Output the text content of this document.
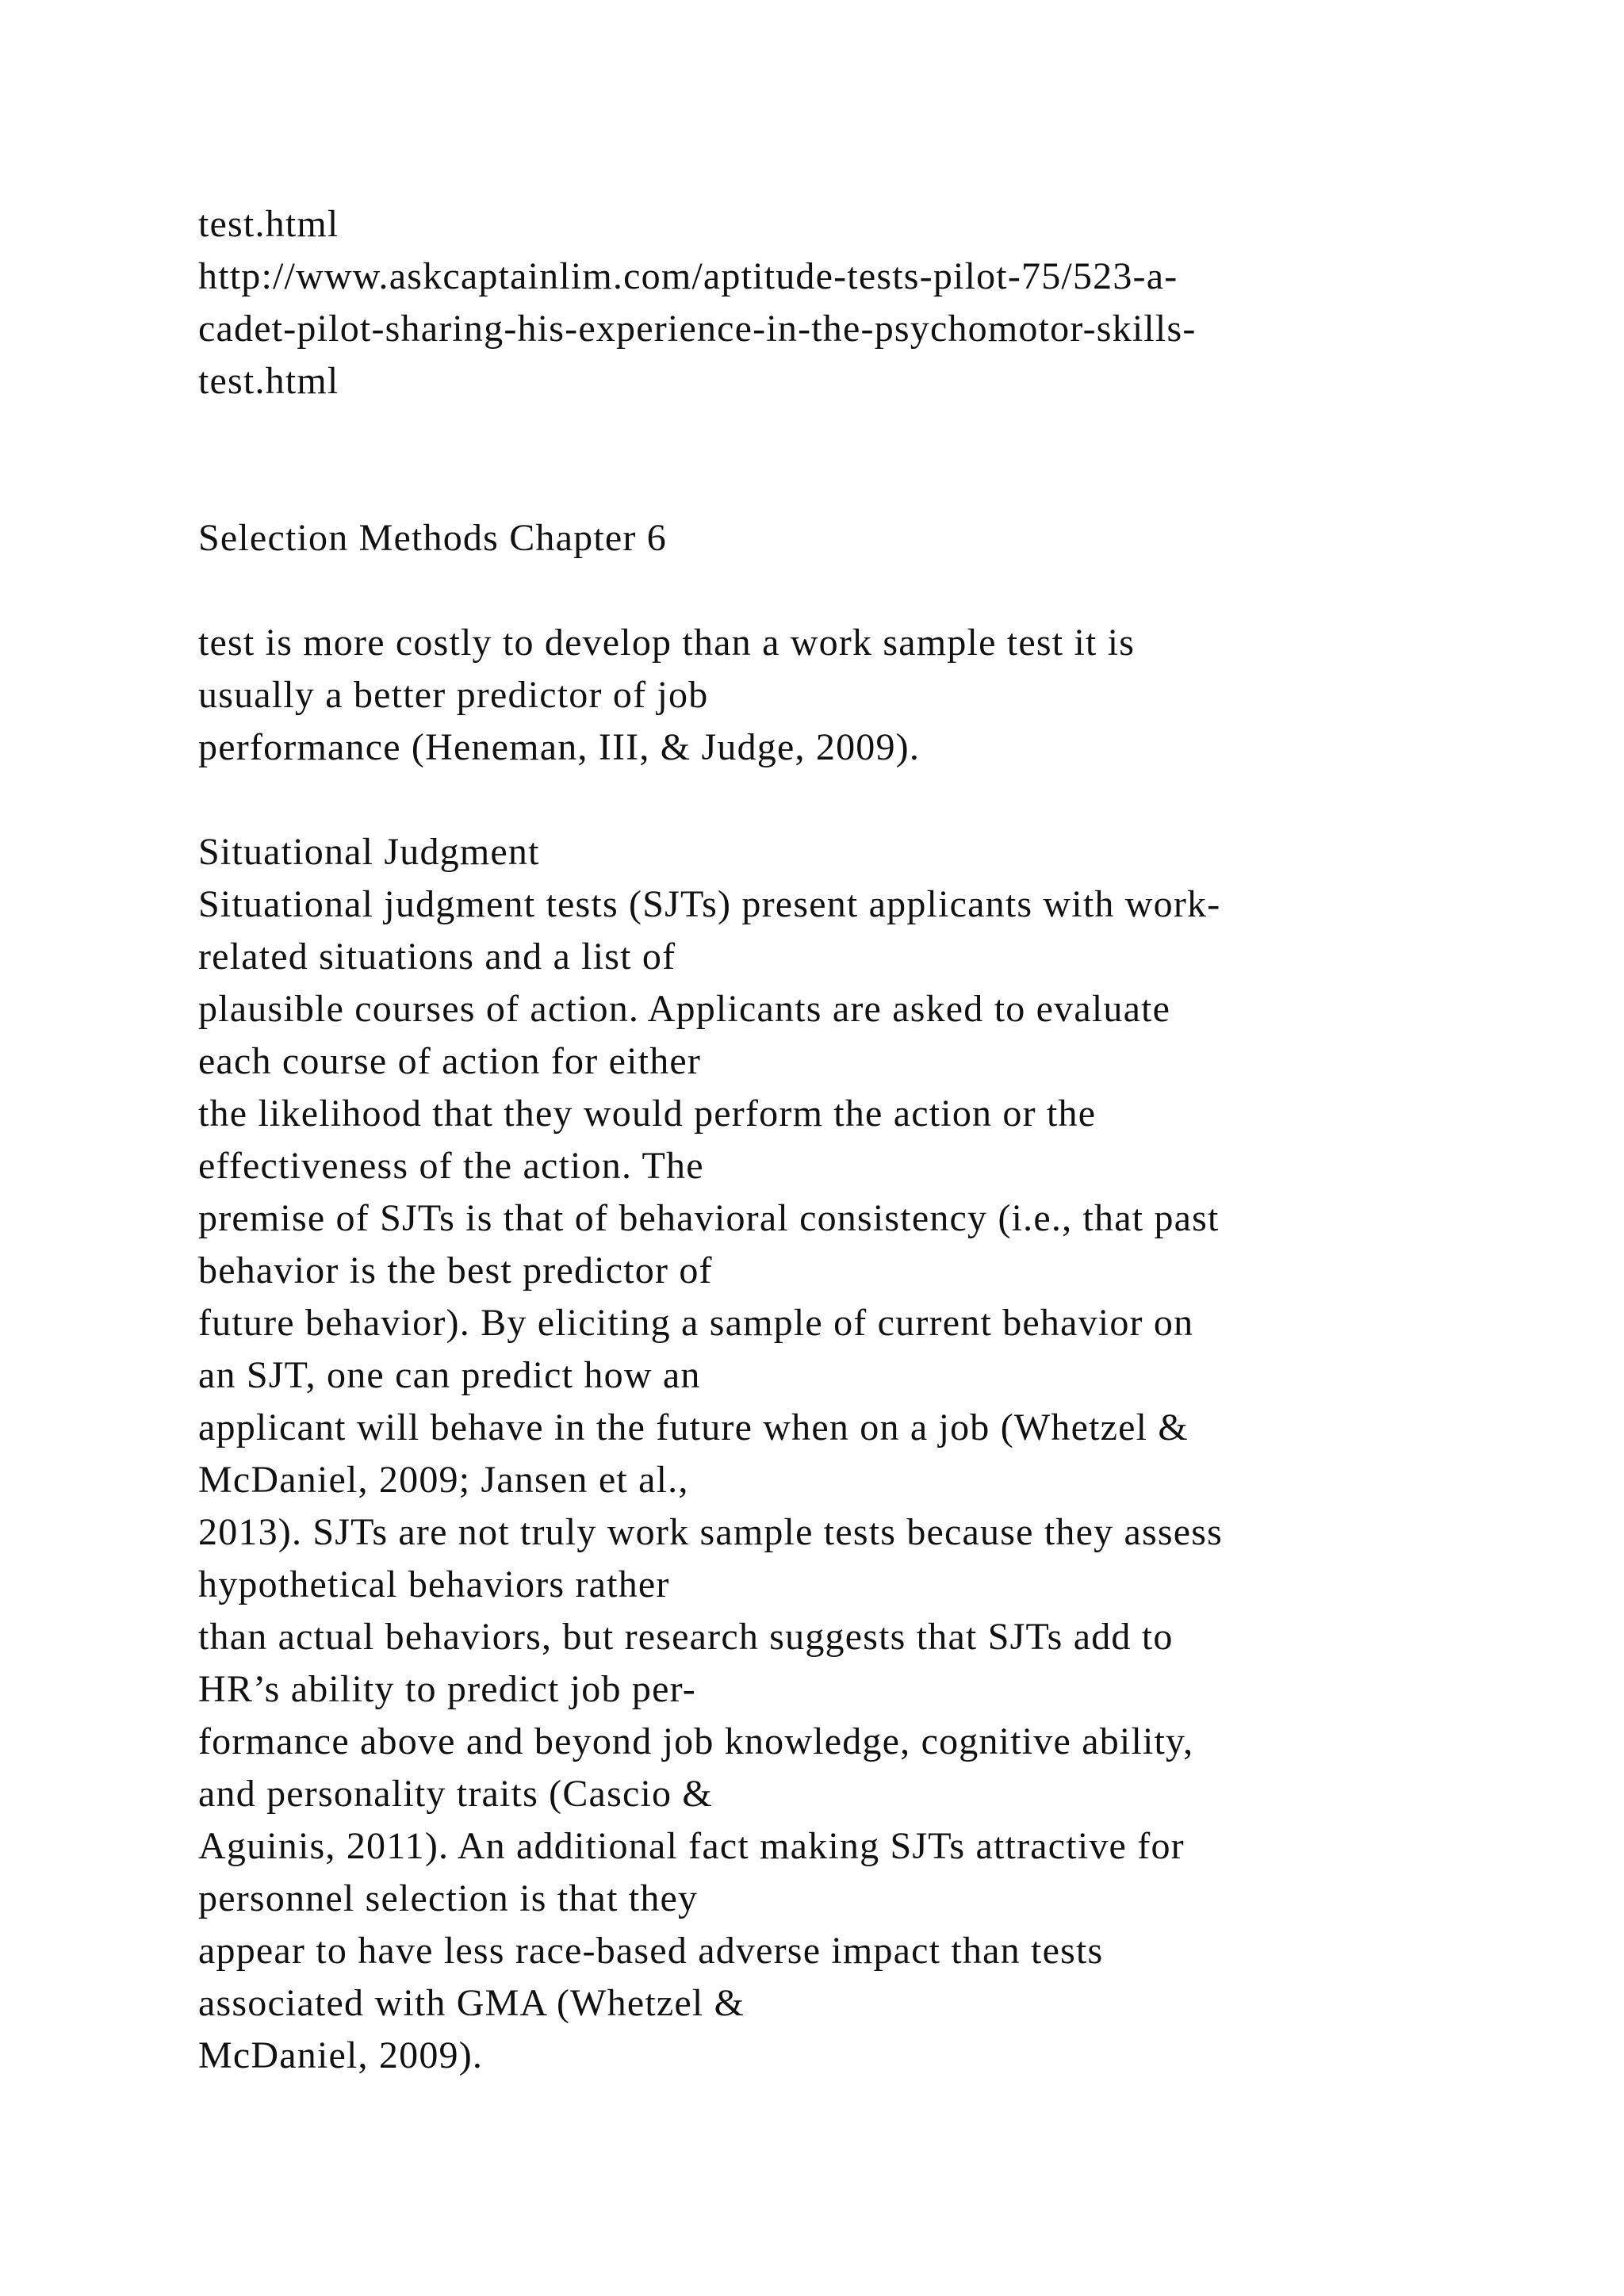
test.html
http://www.askcaptainlim.com/aptitude-tests-pilot-75/523-a-
cadet-pilot-sharing-his-experience-in-the-psychomotor-skills-
test.html
Selection Methods Chapter 6
test is more costly to develop than a work sample test it is
usually a better predictor of job
performance (Heneman, III, & Judge, 2009).
Situational Judgment
Situational judgment tests (SJTs) present applicants with work-
related situations and a list of
plausible courses of action. Applicants are asked to evaluate
each course of action for either
the likelihood that they would perform the action or the
effectiveness of the action. The
premise of SJTs is that of behavioral consistency (i.e., that past
behavior is the best predictor of
future behavior). By eliciting a sample of current behavior on
an SJT, one can predict how an
applicant will behave in the future when on a job (Whetzel &
McDaniel, 2009; Jansen et al.,
2013). SJTs are not truly work sample tests because they assess
hypothetical behaviors rather
than actual behaviors, but research suggests that SJTs add to
HR’s ability to predict job per-
formance above and beyond job knowledge, cognitive ability,
and personality traits (Cascio &
Aguinis, 2011). An additional fact making SJTs attractive for
personnel selection is that they
appear to have less race-based adverse impact than tests
associated with GMA (Whetzel &
McDaniel, 2009).
